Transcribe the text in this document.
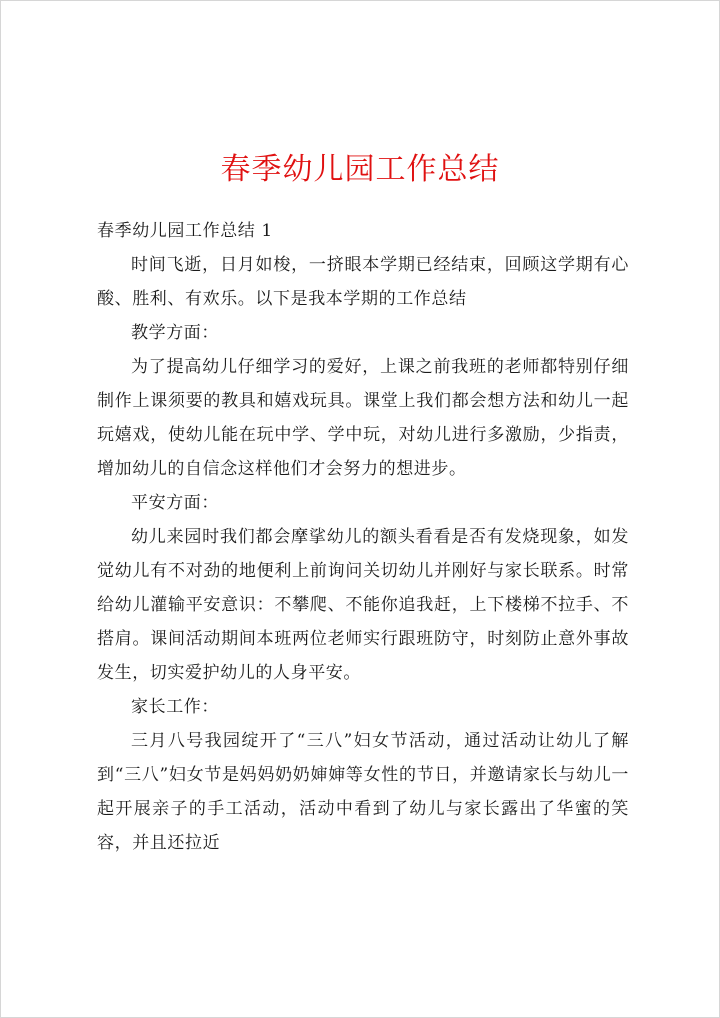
春季幼儿园工作总结

春季幼儿园工作总结 1

时间飞逝，日月如梭，一挤眼本学期已经结束，回顾这学期有心酸、胜利、有欢乐。以下是我本学期的工作总结

教学方面：

为了提高幼儿仔细学习的爱好，上课之前我班的老师都特别仔细制作上课须要的教具和嬉戏玩具。课堂上我们都会想方法和幼儿一起玩嬉戏，使幼儿能在玩中学、学中玩，对幼儿进行多激励，少指责，增加幼儿的自信念这样他们才会努力的想进步。

平安方面：

幼儿来园时我们都会摩挲幼儿的额头看看是否有发烧现象，如发觉幼儿有不对劲的地便利上前询问关切幼儿并刚好与家长联系。时常给幼儿灌输平安意识：不攀爬、不能你追我赶，上下楼梯不拉手、不搭肩。课间活动期间本班两位老师实行跟班防守，时刻防止意外事故发生，切实爱护幼儿的人身平安。

家长工作：

三月八号我园绽开了“三八”妇女节活动，通过活动让幼儿了解到“三八”妇女节是妈妈奶奶婶婶等女性的节日，并邀请家长与幼儿一起开展亲子的手工活动，活动中看到了幼儿与家长露出了华蜜的笑容，并且还拉近
